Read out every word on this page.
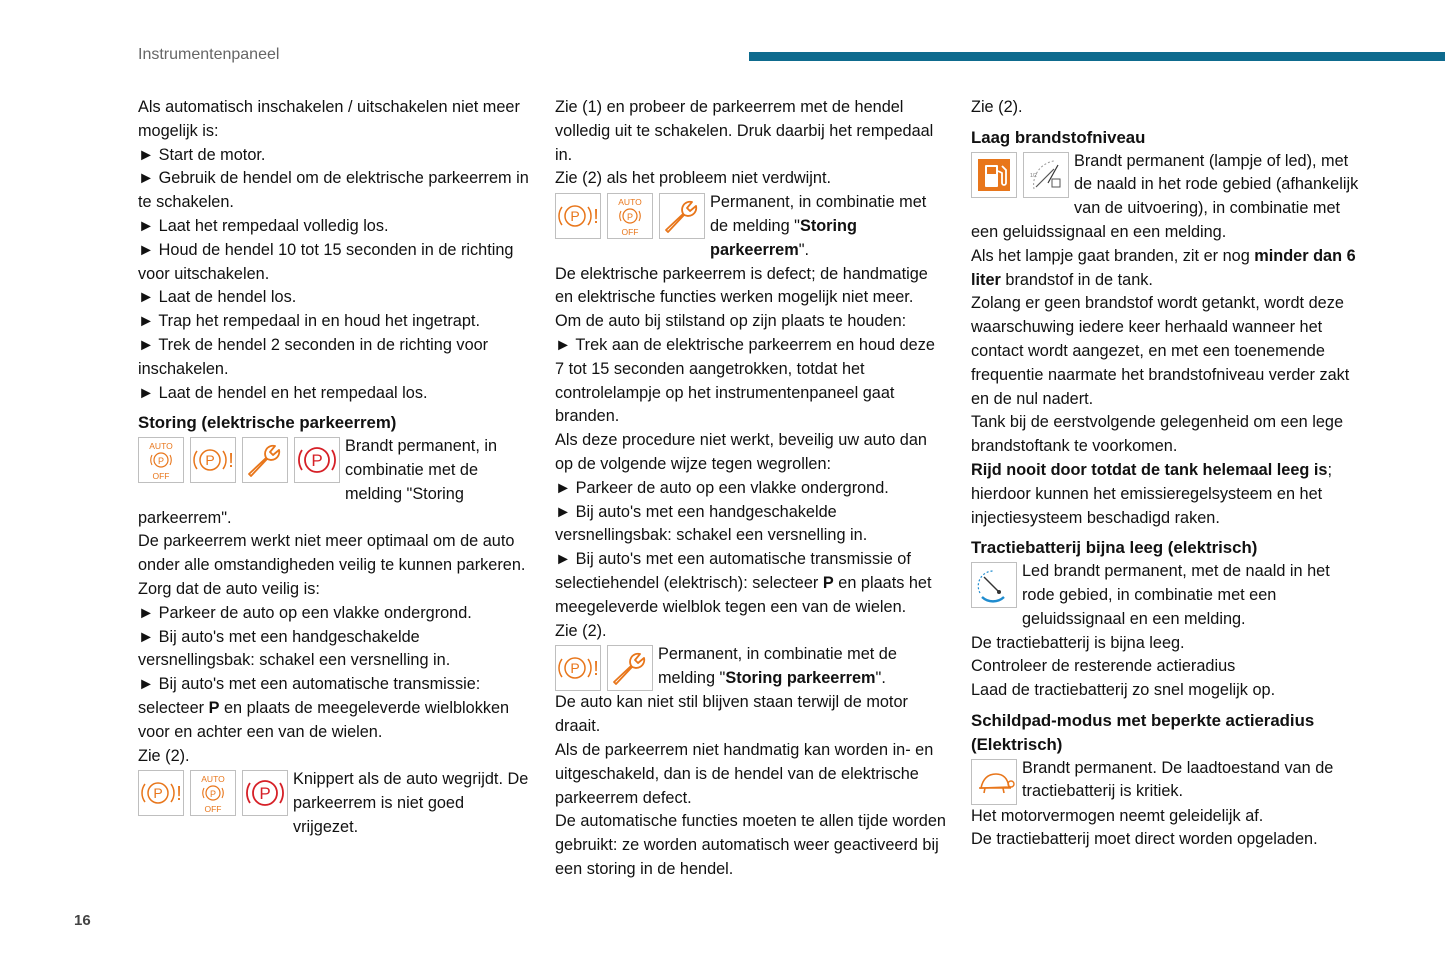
Instrumentenpaneel

Als automatisch inschakelen / uitschakelen niet meer mogelijk is:

► Start de motor.

► Gebruik de hendel om de elektrische parkeerrem in te schakelen.

► Laat het rempedaal volledig los.

► Houd de hendel 10 tot 15 seconden in de richting voor uitschakelen.

► Laat de hendel los.

► Trap het rempedaal in en houd het ingetrapt.

► Trek de hendel 2 seconden in de richting voor inschakelen.

► Laat de hendel en het rempedaal los.

Storing (elektrische parkeerrem)
AUTO
P
OFF
P !	P

Brandt permanent, in combinatie met de melding "Storing parkeerrem".

De parkeerrem werkt niet meer optimaal om de auto onder alle omstandigheden veilig te kunnen parkeren.

Zorg dat de auto veilig is:

► Parkeer de auto op een vlakke ondergrond.

► Bij auto's met een handgeschakelde versnellingsbak: schakel een versnelling in.

► Bij auto's met een automatische transmissie: selecteer P en plaats de meegeleverde wielblokken voor en achter een van de wielen.

Zie (2).

P !
AUTO
P
OFF
P

Knippert als de auto wegrijdt. De parkeerrem is niet goed vrijgezet.

Zie (1) en probeer de parkeerrem met de hendel volledig uit te schakelen. Druk daarbij het rempedaal in.

Zie (2) als het probleem niet verdwijnt.

P !
AUTO
P
OFF

Permanent, in combinatie met de melding "Storing parkeerrem".

De elektrische parkeerrem is defect; de handmatige en elektrische functies werken mogelijk niet meer.

Om de auto bij stilstand op zijn plaats te houden:

► Trek aan de elektrische parkeerrem en houd deze 7 tot 15 seconden aangetrokken, totdat het controlelampje op het instrumentenpaneel gaat branden.

Als deze procedure niet werkt, beveilig uw auto dan op de volgende wijze tegen wegrollen:

► Parkeer de auto op een vlakke ondergrond.

► Bij auto's met een handgeschakelde versnellingsbak: schakel een versnelling in.

► Bij auto's met een automatische transmissie of selectiehendel (elektrisch): selecteer P en plaats het meegeleverde wielblok tegen een van de wielen.

Zie (2).

P !

Permanent, in combinatie met de melding "Storing parkeerrem".

De auto kan niet stil blijven staan terwijl de motor draait.

Als de parkeerrem niet handmatig kan worden in- en uitgeschakeld, dan is de hendel van de elektrische parkeerrem defect.

De automatische functies moeten te allen tijde worden gebruikt: ze worden automatisch weer geactiveerd bij een storing in de hendel.

Zie (2).

Laag brandstofniveau
1/2

Brandt permanent (lampje of led), met de naald in het rode gebied (afhankelijk van de uitvoering), in combinatie met een geluidssignaal en een melding.

Als het lampje gaat branden, zit er nog minder dan 6 liter brandstof in de tank.

Zolang er geen brandstof wordt getankt, wordt deze waarschuwing iedere keer herhaald wanneer het contact wordt aangezet, en met een toenemende frequentie naarmate het brandstofniveau verder zakt en de nul nadert.

Tank bij de eerstvolgende gelegenheid om een lege brandstoftank te voorkomen.

Rijd nooit door totdat de tank helemaal leeg is; hierdoor kunnen het emissieregelsysteem en het injectiesysteem beschadigd raken.

Tractiebatterij bijna leeg (elektrisch)

Led brandt permanent, met de naald in het rode gebied, in combinatie met een geluidssignaal en een melding.

De tractiebatterij is bijna leeg.

Controleer de resterende actieradius

Laad de tractiebatterij zo snel mogelijk op.

Schildpad-modus met beperkte actieradius (Elektrisch)

Brandt permanent. De laadtoestand van de tractiebatterij is kritiek.

Het motorvermogen neemt geleidelijk af.

De tractiebatterij moet direct worden opgeladen.

16
